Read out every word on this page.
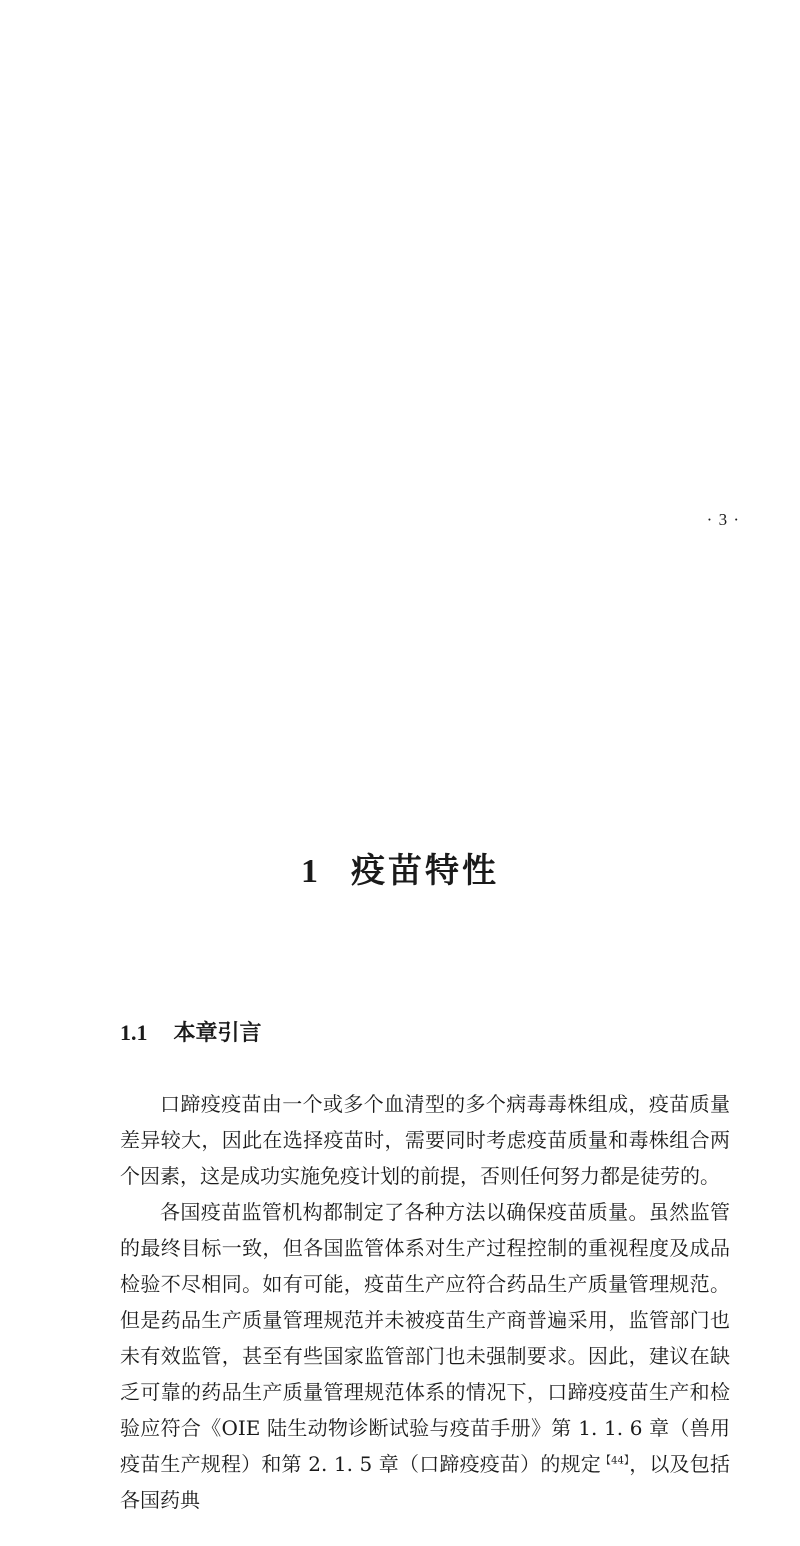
· 3 ·
1 疫苗特性
1.1 本章引言

口蹄疫疫苗由一个或多个血清型的多个病毒毒株组成，疫苗质量差异较大，因此在选择疫苗时，需要同时考虑疫苗质量和毒株组合两个因素，这是成功实施免疫计划的前提，否则任何努力都是徒劳的。

各国疫苗监管机构都制定了各种方法以确保疫苗质量。虽然监管的最终目标一致，但各国监管体系对生产过程控制的重视程度及成品检验不尽相同。如有可能，疫苗生产应符合药品生产质量管理规范。但是药品生产质量管理规范并未被疫苗生产商普遍采用，监管部门也未有效监管，甚至有些国家监管部门也未强制要求。因此，建议在缺乏可靠的药品生产质量管理规范体系的情况下，口蹄疫疫苗生产和检验应符合《OIE 陆生动物诊断试验与疫苗手册》第 1. 1. 6 章（兽用疫苗生产规程）和第 2. 1. 5 章（口蹄疫疫苗）的规定$^{【44】}$，以及包括各国药典
